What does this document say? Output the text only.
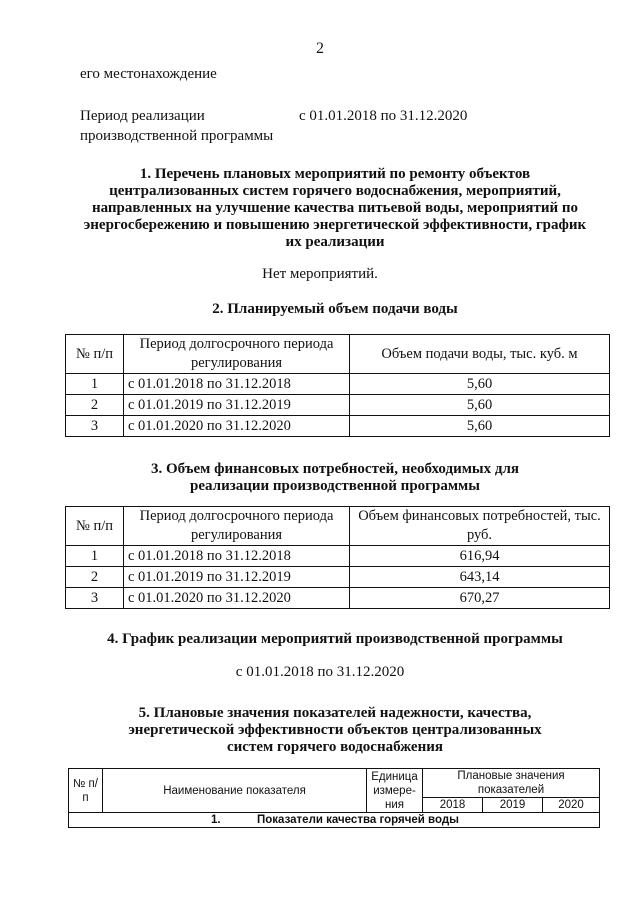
2
его местонахождение
Период реализации
производственной программы
с 01.01.2018 по 31.12.2020
1. Перечень плановых мероприятий по ремонту объектов
централизованных систем горячего водоснабжения, мероприятий,
направленных на улучшение качества питьевой воды, мероприятий по
энергосбережению и повышению энергетической эффективности, график
их реализации
Нет мероприятий.
2. Планируемый объем подачи воды
№ п/п	Период долгосрочного периода регулирования	Объем подачи воды, тыс. куб. м
1	с 01.01.2018 по 31.12.2018	5,60
2	с 01.01.2019 по 31.12.2019	5,60
3	с 01.01.2020 по 31.12.2020	5,60
3. Объем финансовых потребностей, необходимых для
реализации производственной программы
№ п/п	Период долгосрочного периода регулирования	Объем финансовых потребностей, тыс. руб.
1	с 01.01.2018 по 31.12.2018	616,94
2	с 01.01.2019 по 31.12.2019	643,14
3	с 01.01.2020 по 31.12.2020	670,27
4. График реализации мероприятий производственной программы
с 01.01.2018 по 31.12.2020
5. Плановые значения показателей надежности, качества,
энергетической эффективности объектов централизованных
систем горячего водоснабжения
№ п/п	Наименование показателя	Единица измере-ния	Плановые значения показателей		
			2018	2019	2020
1. Показатели качества горячей воды					
